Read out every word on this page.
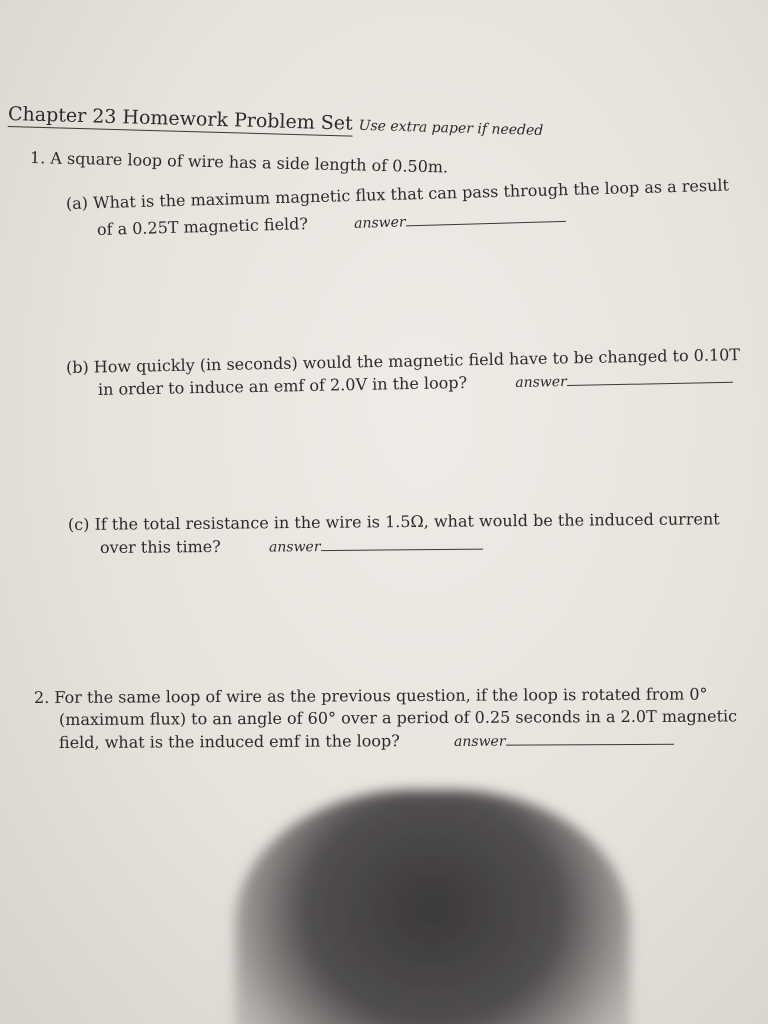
Chapter 23 Homework Problem Set Use extra paper if needed
1. A square loop of wire has a side length of 0.50m.
(a) What is the maximum magnetic flux that can pass through the loop as a result
of a 0.25T magnetic field?	answer
(b) How quickly (in seconds) would the magnetic field have to be changed to 0.10T
in order to induce an emf of 2.0V in the loop?	answer
(c) If the total resistance in the wire is 1.5Ω, what would be the induced current
over this time?	answer
2. For the same loop of wire as the previous question, if the loop is rotated from 0°
(maximum flux) to an angle of 60° over a period of 0.25 seconds in a 2.0T magnetic
field, what is the induced emf in the loop?	answer
